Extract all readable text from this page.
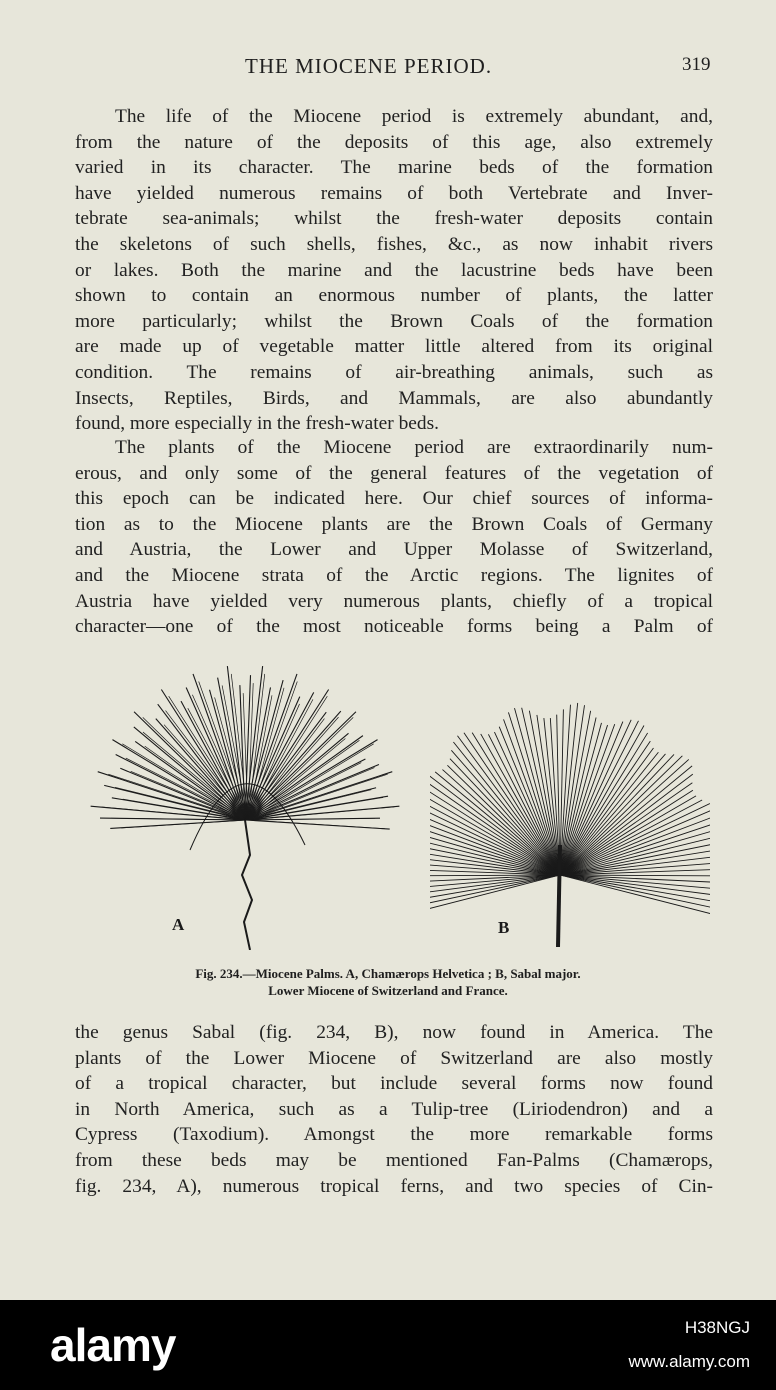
THE MIOCENE PERIOD.	319
The life of the Miocene period is extremely abundant, and,
from the nature of the deposits of this age, also extremely
varied in its character. The marine beds of the formation
have yielded numerous remains of both Vertebrate and Inver-
tebrate sea-animals; whilst the fresh-water deposits contain
the skeletons of such shells, fishes, &c., as now inhabit rivers
or lakes. Both the marine and the lacustrine beds have been
shown to contain an enormous number of plants, the latter
more particularly; whilst the Brown Coals of the formation
are made up of vegetable matter little altered from its original
condition. The remains of air-breathing animals, such as
Insects, Reptiles, Birds, and Mammals, are also abundantly
found, more especially in the fresh-water beds.
The plants of the Miocene period are extraordinarily num-
erous, and only some of the general features of the vegetation of
this epoch can be indicated here. Our chief sources of informa-
tion as to the Miocene plants are the Brown Coals of Germany
and Austria, the Lower and Upper Molasse of Switzerland,
and the Miocene strata of the Arctic regions. The lignites of
Austria have yielded very numerous plants, chiefly of a tropical
character—one of the most noticeable forms being a Palm of
A	B
Fig. 234.—Miocene Palms. A, Chamærops Helvetica ; B, Sabal major.
Lower Miocene of Switzerland and France.
the genus Sabal (fig. 234, B), now found in America. The
plants of the Lower Miocene of Switzerland are also mostly
of a tropical character, but include several forms now found
in North America, such as a Tulip-tree (Liriodendron) and a
Cypress (Taxodium). Amongst the more remarkable forms
from these beds may be mentioned Fan-Palms (Chamærops,
fig. 234, A), numerous tropical ferns, and two species of Cin-
alamy	H38NGJ
www.alamy.com
